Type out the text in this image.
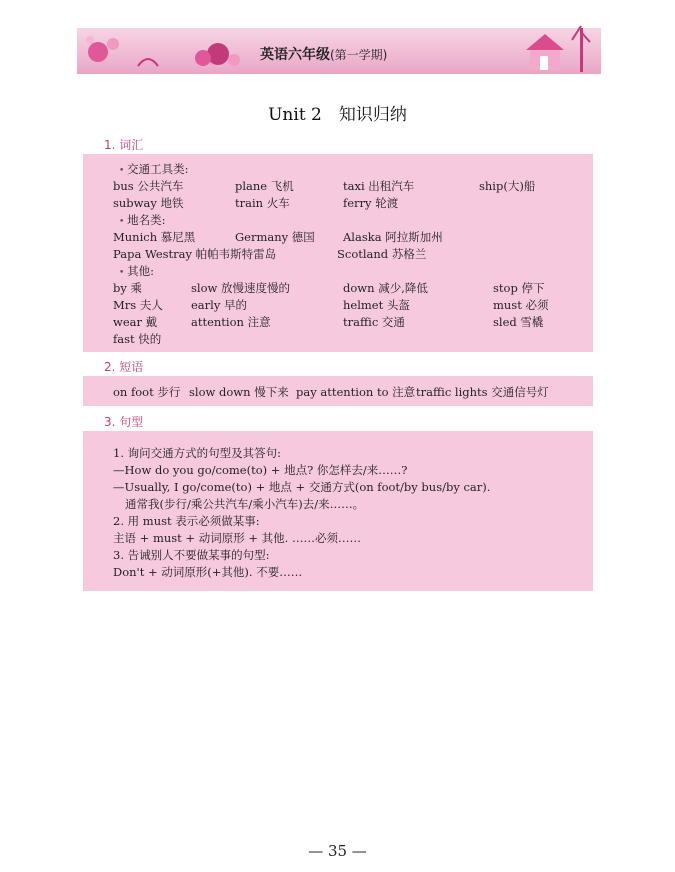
英语六年级(第一学期)
Unit 2　知识归纳
1. 词汇
• 交通工具类:
bus 公共汽车	plane 飞机	taxi 出租汽车	ship(大)船
subway 地铁	train 火车	ferry 轮渡
• 地名类:
Munich 慕尼黑	Germany 德国 Alaska 阿拉斯加州
Papa Westray 帕帕韦斯特雷岛	Scotland 苏格兰
• 其他:
by 乘	slow 放慢速度慢的	down 减少,降低	stop 停下
Mrs 夫人 early 早的	helmet 头盔	must 必须
wear 戴	attention 注意	traffic 交通	sled 雪橇
fast 快的
2. 短语
on foot 步行 slow down 慢下来 pay attention to 注意 traffic lights 交通信号灯
3. 句型
1. 询问交通方式的句型及其答句:
—How do you go/come(to) + 地点? 你怎样去/来……?
—Usually, I go/come(to) + 地点 + 交通方式(on foot/by bus/by car).
通常我(步行/乘公共汽车/乘小汽车)去/来……。
2. 用 must 表示必须做某事:
主语 + must + 动词原形 + 其他. ……必须……
3. 告诫别人不要做某事的句型:
Don't + 动词原形(+其他). 不要……
— 35 —
